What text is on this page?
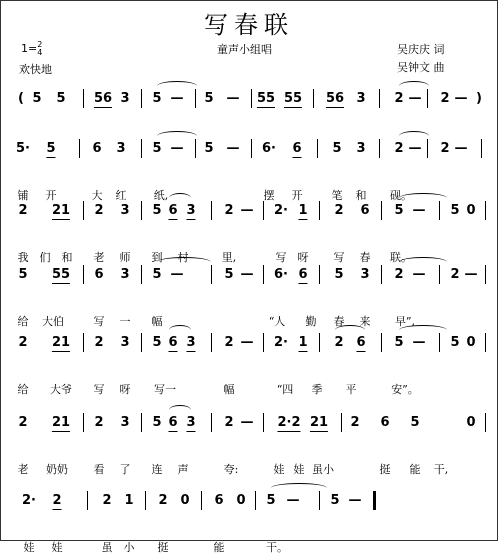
写春联
1=2
4
欢快地
童声小组唱	吴庆庆 词
吴钟文 曲
( 5 5 56 3 5 — 5 — 55 55 56 3 2 — 2 — )
5· 5	6 3 5 — 5 — 6· 6 5 3 2 — 2 —
铺 开	大 红 纸,	摆 开	笔 和 砚。
2 21 2 3 5 6 3 2 — 2· 1 2 6 5 — 5 0
我 们 和 老 师 到 村	里,	写 呀 写 春 联。
5 55 6 3 5 —	5 — 6· 6 5 3 2 — 2 —
给 大伯	写 一 幅	“人 勤 春 来 早”,
2 21 2 3 5 6 3 2 — 2· 1 2 6 5 — 5 0
给 大爷 写 呀 写一	幅	“四 季 平	安”。
2 21 2 3 5 6 3 2 — 2·2 21 2 6 5	0
老 奶奶 看 了 连 声	夸:	娃 娃 虽小	挺 能 干,
2· 2	2 1 2 0 6 0 5 — 5 —
娃 娃	虽 小 挺	能	干。
